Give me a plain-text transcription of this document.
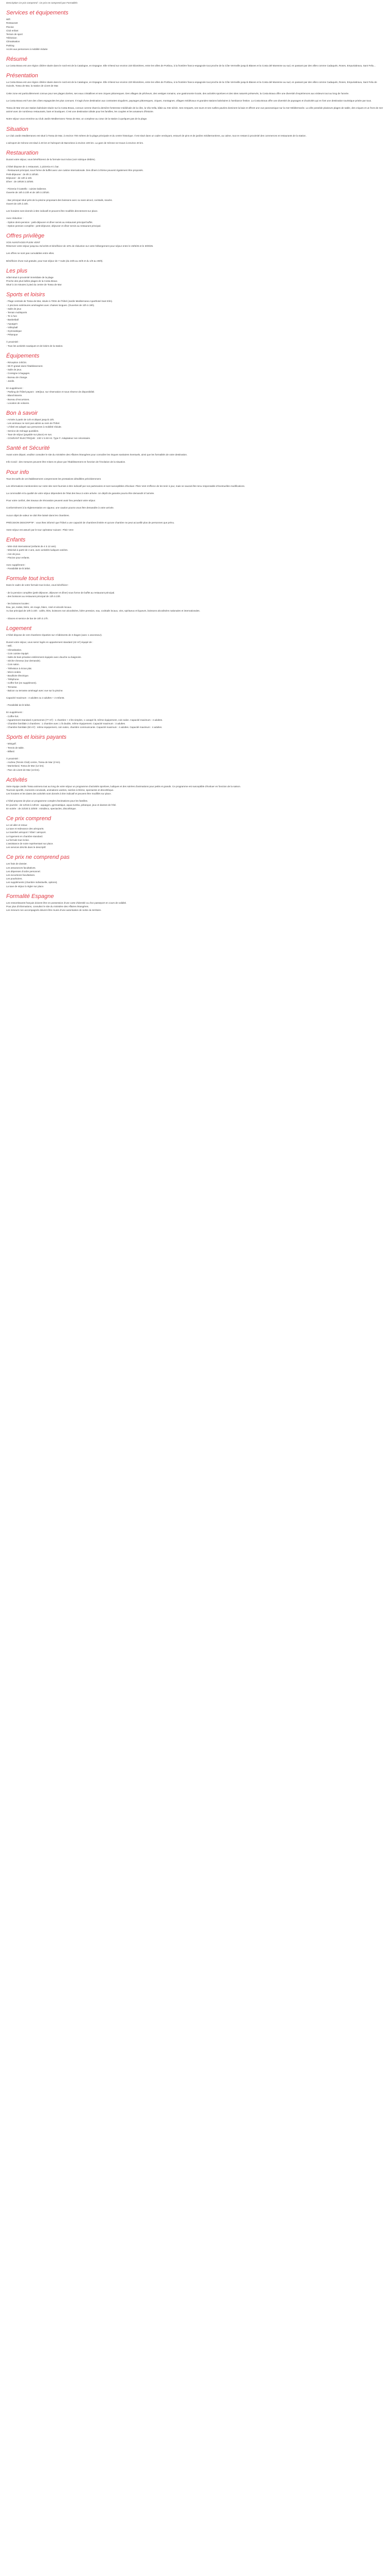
Description Ce prix comprend : Ce prix ne comprend pas Formalités
Services et équipements
Wifi
Restaurant
Piscine
Club enfant
Terrain de sport
Télévision
Climatisation
Parking
Accès aux personnes à mobilité réduite
Résumé

La Costa Brava est une région côtière située dans le nord-est de la Catalogne, en Espagne. Elle s'étend sur environ 220 kilomètres, entre les villes de Portbou, à la frontière franco-espagnole tout proche de la Côte Vermeille jusqu'à Blanes et la Costa del Maresme au sud, en passant par des villes comme Cadaqués, Roses, Empuriabrava, Sant Feliu...

Présentation

La Costa Brava est une région côtière située dans le nord-est de la Catalogne, en Espagne. Elle s'étend sur environ 220 kilomètres, entre les villes de Portbou, à la frontière franco-espagnole tout proche de la Côte Vermeille jusqu'à Blanes et la Costa del Maresme au sud, en passant par des villes comme Cadaqués, Roses, Empuriabrava, Sant Feliu de Guixols, Tossa de Mar, la station de Lloret de Mar.

Cette zone est particulièrement connue pour ses plages dorées, ses eaux cristallines et ses criques pittoresques. Des villages de pêcheurs, des vestiges romains, une gastronomie locale, des activités sportives et des sites naturels préservés, la Costa Brava offre une diversité d'expériences aux visiteurs tout au long de l'année.

La Costa Brava est l'une des côtes espagnoles les plus connues. Il s'agit d'une destination aux contrastes singuliers, paysages pittoresques, criques, montagnes, villages médiévaux et grandes stations balnéaires à l'ambiance festive. La Costa Brava offre une diversité de paysages et d'activités qui en font une destination touristique prisée par tous.

Tossa de Mar est une station balnéaire située sur la Costa Brava, connue comme étant la dernière forteresse médiévale de la côte, la Vila Vella, bâtie au XIIe siècle. Ses remparts, ses tours et ses ruelles pavées dominent la baie et offrent une vue panoramique sur la mer Méditerranée. La ville possède plusieurs plages de sable, des criques et un front de mer animé avec de nombreux restaurants, bars et boutiques. C'est une destination idéale pour les familles, les couples et les amateurs d'histoire.

Notre séjour vous emmène au Club Jardin Mediterraneo Tossa de Mar, un complexe au cœur de la station à quelques pas de la plage.

Situation

Le Club Jardin Mediterraneo est situé à Tossa de Mar, à environ 700 mètres de la plage principale et du centre historique. Il est situé dans un cadre verdoyant, entouré de pins et de jardins méditerranéens, au calme, tout en restant à proximité des commerces et restaurants de la station.

L'aéroport de Gérone est situé à 40 km et l'aéroport de Barcelone à environ 100 km. La gare de Gérone se trouve à environ 40 km.

Restauration
Durant votre séjour, vous bénéficierez de la formule tout inclus (voir rubrique dédiée).
L'hôtel dispose de 1 restaurant, 1 pizzeria et 1 bar.
- Restaurant principal, sous forme de buffet avec une cuisine internationale. Des dîners à thème peuvent également être proposés.
Petit-déjeuner : de 8h à 10h30.
Déjeuner : de 13h à 15h.
Dîner : de 19h30 à 22h00.
- Pizzeria Il Castello : cuisine italienne.
Ouverte de 16h à 23h et de 18h à 23h30.
- Bar principal situé près de la piscine proposant des boissons avec ou sans alcool, cocktails, snacks.
Ouvert de 10h à 23h.
Les horaires sont donnés à titre indicatif et peuvent être modifiés directement sur place.
Avec réduction :
- Option demi-pension : petit-déjeuner et dîner servis au restaurant principal buffet.
- Option pension complète : petit-déjeuner, déjeuner et dîner servis au restaurant principal.
Offres privilège
VOS AVANTAGES PLEIN VENT
Réservez votre séjour jusqu'au 31/12/25 et bénéficiez de 10% de réduction sur votre hébergement pour séjour entre le 23/5/25 et le 30/9/25.
Les offres ne sont pas cumulables entre elles.
Bénéficiez d'une nuit gratuite, pour tout séjour de 7 nuits (du 23/5 au 22/6 et du 1/9 au 30/9).
Les plus
Hôtel situé à proximité immédiate de la plage
Proche des plus belles plages de la Costa Brava
Situé à 15 minutes à pied du centre de Tossa de Mar
Sports et loisirs
- Plage centrale de Tossa de Mar, située à 700m de l'hôtel (Jardin Mediterraneo Aparthotel Sant Elm).
- 2 piscines extérieures aménagées avec chaises longues. (Ouvertes de 10h à 19h).
- Salle de jeux
- Terrain multisports
- Tir à l'arc
- Basketball
- Aquagym
- Volleyball
- Gymnastique
- Pétanque
À proximité :
- Tous les activités nautiques et de loisirs de la station.
Équipements
- Réception 24h/24.
- Wi-Fi gratuit dans l'établissement.
- Salle de jeux.
- Consigne à bagages.
- Bureau de change.
- Jardin.
En supplément :
- Parking de l'hôtel payant : 10€/jour, sur réservation et sous réserve de disponibilité.
- Blanchisserie.
- Bureau d'excursions.
- Location de voitures.
Bon à savoir
- Arrivée à partir de 14h et départ jusqu'à 10h.
- Les animaux ne sont pas admis au sein de l'hôtel.
- L'hôtel est adapté aux personnes à mobilité réduite.
- Service de ménage quotidien.
- Taxe de séjour (payable sur place) en sus.
- COURANT ÉLECTRIQUE : 230 V à 50 Hz. Type F. Adaptateur non nécessaire.
Santé et Sécurité
Avant votre départ, veuillez consulter le site du ministère des Affaires étrangères pour connaître les risques sanitaires éventuels, ainsi que les formalités de votre destination.
Info Covid : des mesures peuvent être mises en place par l'établissement en fonction de l'évolution de la situation.
Pour info

Tous les tarifs de cet établissement comprennent les prestations détaillées précédemment.

Les informations mentionnées sur notre site sont fournies à titre indicatif par nos partenaires et sont susceptibles d'évoluer. Plein Vent s'efforce de les tenir à jour, mais ne saurait être tenu responsable d'éventuelles modifications.

La commodité et la qualité de votre séjour dépendent de l'état des lieux à votre arrivée. Un dépôt de garantie pourra être demandé à l'arrivée.

Pour votre confort, des travaux de rénovation peuvent avoir lieu pendant votre séjour.

Conformément à la réglementation en vigueur, une caution pourra vous être demandée à votre arrivée.

Aucun objet de valeur ne doit être laissé dans les chambres.

PRÉCISION DESCRIPTIF : vous êtes informé que l'hôtel a une capacité de chambres limitée et qu'une chambre ne peut accueillir plus de personnes que prévu.

Votre séjour est assuré par le tour opérateur suivant : Plein Vent

Enfants
- Mini-club international (enfants de 4 à 12 ans).
- Miniclub à partir de 4 ans, avec activités ludiques variées.
- Aire de jeux.
- Piscine pour enfants.
Avec supplément :
- Possibilité de lit bébé.
Formule tout inclus
Dans le cadre de votre formule tout inclus, vous bénéficiez :
- de la pension complète (petit-déjeuner, déjeuner et dîner) sous forme de buffet au restaurant principal.
- des boissons au restaurant principal de 13h à 23h.
- les boissons locales :
Eau, jus, sodas, bière, vin rouge, blanc, rosé et alcools locaux.
Au bar principal de 10h à 23h : cafés, thés, boissons non alcoolisées, bière pression, eau, cocktails locaux, vins, spiritueux et liqueurs, boissons alcoolisées nationales et internationales.
- Glaces et service de bar de 10h à 17h.
Logement
L'hôtel dispose de 134 chambres réparties sur 3 bâtiments de 3 étages (avec 1 ascenseur).
Durant votre séjour, vous serez logés en appartement standard (42 m²) équipé de :
- Wifi.
- Climatisation.
- Coin cuisine équipé.
- Salle de bain privative entièrement équipée avec douche ou baignoire.
- Sèche-cheveux (sur demande).
- Coin salon.
- Télévision à écran plat.
- Micro-ondes.
- Bouilloire électrique.
- Téléphone.
- Coffre-fort (en supplément).
- Terrasse.
- Balcon ou terrasse aménagé avec vue sur la piscine.
Capacité maximum : 4 adultes ou 2 adultes + 2 enfants.
- Possibilité de lit bébé.
En supplément :
- Coffre-fort.
- Appartement standard 4 personnes (77 m²) : 1 chambre + 2 lits simples, 1 canapé-lit, même équipement, coin salon. Capacité maximum : 4 adultes.
- Chambre familiale 2 chambres : 1 chambre avec 1 lit double, même équipement. Capacité maximum : 3 adultes.
- Chambre familiale (50 m²) : même équipement, coin salon, chambre communicante. Capacité maximum : 4 adultes. Capacité maximum : 4 adultes.
Sports et loisirs payants
- Minigolf.
- Tennis de table.
- Billard.
À proximité :
- Andrea (Tennis Club) centre, Tossa de Mar (2 km).
- Marineland, Tossa de Mar (12 km).
- Parc de Lloret de Mar (13 km).
Activités
Votre équipe Jardin Tossa animera tout au long de votre séjour un programme d'activités sportives, ludiques et des soirées d'animations pour petits et grands. Ce programme est susceptible d'évoluer en fonction de la saison.
Tournois sportifs, moments convivials, animations variées, soirées à thème, spectacles et discothèque.
Les horaires et les dates des activités sont donnés à titre indicatif et peuvent être modifiés sur place.
L'hôtel propose de plus un programme complet d'animations pour les familles.
En journée : de 12h15 à 13h15 : aquagym, gymnastique, aqua-zumba, pétanque, jeux et danses de l'été.
En soirée : de 21h30 à 23h00 : minidisco, spectacles, discothèque.
Ce prix comprend
Le vol aller et retour.
La taxe et redevance des aéroports.
Le transfert aéroport / hôtel / aéroport.
Le logement en chambre standard.
La formule tout inclus.
L'assistance de notre représentant sur place.
Les services décrits dans le descriptif.
Ce prix ne comprend pas
Les frais de dossier.
Les assurances facultatives.
Les dépenses d'ordre personnel.
Les excursions facultatives.
Les pourboires.
Les suppléments (chambre individuelle, options).
La taxe de séjour à régler sur place.
Formalité Espagne
Les ressortissants français doivent être en possession d'une carte d'identité ou d'un passeport en cours de validité.
Pour plus d'informations, consultez le site du ministère des Affaires étrangères.
Les mineurs non accompagnés doivent être munis d'une autorisation de sortie du territoire.
